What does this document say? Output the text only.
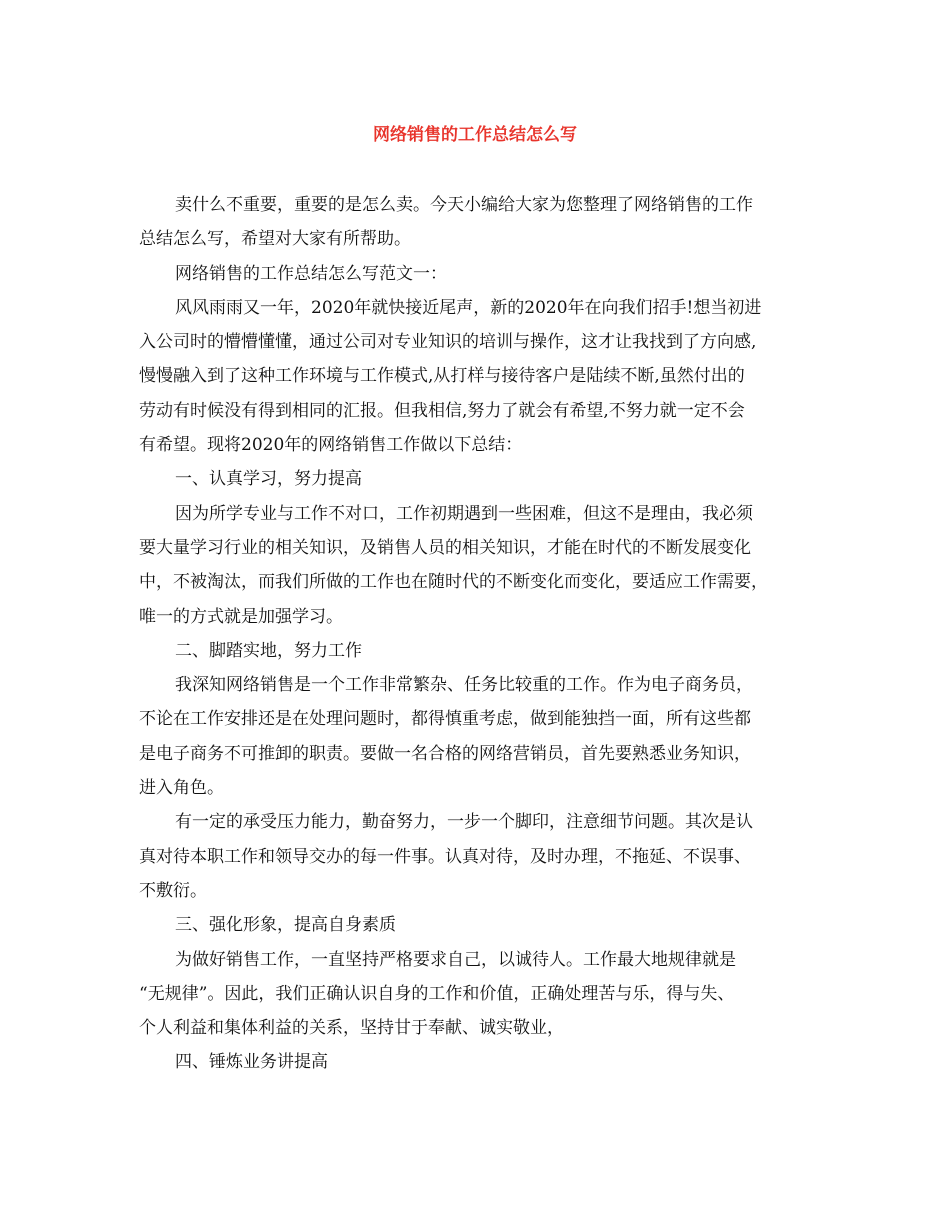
网络销售的工作总结怎么写
卖什么不重要，重要的是怎么卖。今天小编给大家为您整理了网络销售的工作
总结怎么写，希望对大家有所帮助。
网络销售的工作总结怎么写范文一：
风风雨雨又一年，2020年就快接近尾声，新的2020年在向我们招手!想当初进
入公司时的懵懵懂懂，通过公司对专业知识的培训与操作，这才让我找到了方向感,
慢慢融入到了这种工作环境与工作模式,从打样与接待客户是陆续不断,虽然付出的
劳动有时候没有得到相同的汇报。但我相信,努力了就会有希望,不努力就一定不会
有希望。现将2020年的网络销售工作做以下总结：
一、认真学习，努力提高
因为所学专业与工作不对口，工作初期遇到一些困难，但这不是理由，我必须
要大量学习行业的相关知识，及销售人员的相关知识，才能在时代的不断发展变化
中，不被淘汰，而我们所做的工作也在随时代的不断变化而变化，要适应工作需要，
唯一的方式就是加强学习。
二、脚踏实地，努力工作
我深知网络销售是一个工作非常繁杂、任务比较重的工作。作为电子商务员，
不论在工作安排还是在处理问题时，都得慎重考虑，做到能独挡一面，所有这些都
是电子商务不可推卸的职责。要做一名合格的网络营销员，首先要熟悉业务知识，
进入角色。
有一定的承受压力能力，勤奋努力，一步一个脚印，注意细节问题。其次是认
真对待本职工作和领导交办的每一件事。认真对待，及时办理，不拖延、不误事、
不敷衍。
三、强化形象，提高自身素质
为做好销售工作，一直坚持严格要求自己，以诚待人。工作最大地规律就是
“无规律”。因此，我们正确认识自身的工作和价值，正确处理苦与乐，得与失、
个人利益和集体利益的关系，坚持甘于奉献、诚实敬业，
四、锤炼业务讲提高
